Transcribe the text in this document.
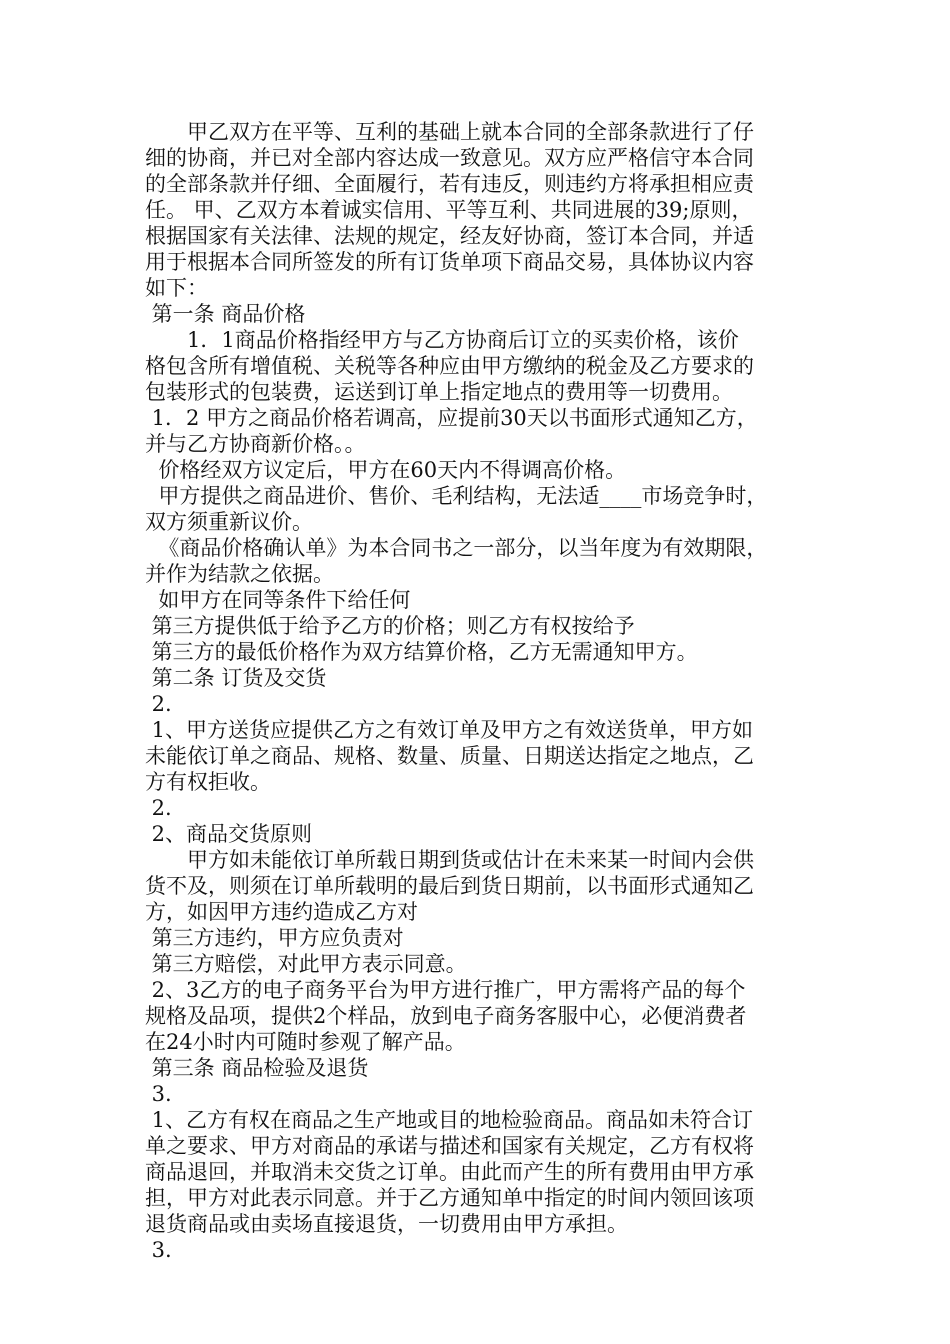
　　甲乙双方在平等、互利的基础上就本合同的全部条款进行了仔
细的协商，并已对全部内容达成一致意见。双方应严格信守本合同
的全部条款并仔细、全面履行，若有违反，则违约方将承担相应责
任。 甲、乙双方本着诚实信用、平等互利、共同进展的39;原则，
根据国家有关法律、法规的规定，经友好协商，签订本合同，并适
用于根据本合同所签发的所有订货单项下商品交易，具体协议内容
如下：
第一条 商品价格
　　1．1商品价格指经甲方与乙方协商后订立的买卖价格，该价
格包含所有增值税、关税等各种应由甲方缴纳的税金及乙方要求的
包装形式的包装费，运送到订单上指定地点的费用等一切费用。
1．2 甲方之商品价格若调高，应提前30天以书面形式通知乙方，
并与乙方协商新价格。。
价格经双方议定后，甲方在60天内不得调高价格。
甲方提供之商品进价、售价、毛利结构，无法适____市场竞争时，
双方须重新议价。
《商品价格确认单》为本合同书之一部分，以当年度为有效期限，
并作为结款之依据。
如甲方在同等条件下给任何
第三方提供低于给予乙方的价格；则乙方有权按给予
第三方的最低价格作为双方结算价格，乙方无需通知甲方。
第二条 订货及交货
2.
1、甲方送货应提供乙方之有效订单及甲方之有效送货单，甲方如
未能依订单之商品、规格、数量、质量、日期送达指定之地点，乙
方有权拒收。
2.
2、商品交货原则
　　甲方如未能依订单所载日期到货或估计在未来某一时间内会供
货不及，则须在订单所载明的最后到货日期前，以书面形式通知乙
方，如因甲方违约造成乙方对
第三方违约，甲方应负责对
第三方赔偿，对此甲方表示同意。
2、3乙方的电子商务平台为甲方进行推广，甲方需将产品的每个
规格及品项，提供2个样品，放到电子商务客服中心，必便消费者
在24小时内可随时参观了解产品。
第三条 商品检验及退货
3.
1、乙方有权在商品之生产地或目的地检验商品。商品如未符合订
单之要求、甲方对商品的承诺与描述和国家有关规定，乙方有权将
商品退回，并取消未交货之订单。由此而产生的所有费用由甲方承
担，甲方对此表示同意。并于乙方通知单中指定的时间内领回该项
退货商品或由卖场直接退货，一切费用由甲方承担。
3.
